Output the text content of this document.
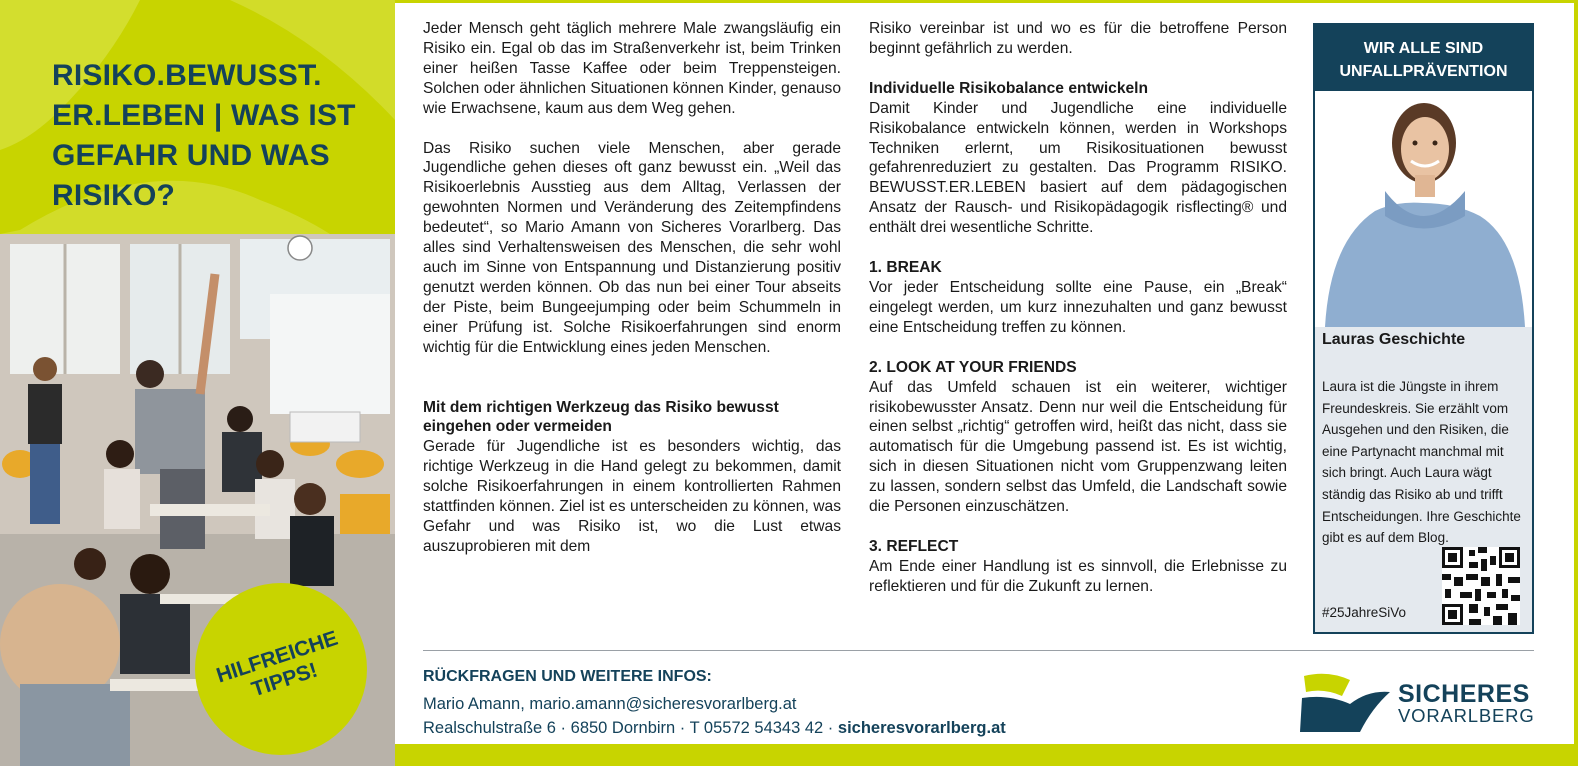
RISIKO.BEWUSST. ER.LEBEN | WAS IST GEFAHR UND WAS RISIKO?
HILFREICHE TIPPS!

Jeder Mensch geht täglich mehrere Male zwangsläufig ein Risiko ein. Egal ob das im Straßenverkehr ist, beim Trinken einer heißen Tasse Kaffee oder beim Treppensteigen. Solchen oder ähnlichen Situationen können Kinder, genauso wie Erwachsene, kaum aus dem Weg gehen.

Das Risiko suchen viele Menschen, aber gerade Jugendliche gehen dieses oft ganz bewusst ein. „Weil das Risikoerlebnis Ausstieg aus dem Alltag, Verlassen der gewohnten Normen und Veränderung des Zeitempfindens bedeutet“, so Mario Amann von Sicheres Vorarlberg. Das alles sind Verhaltensweisen des Menschen, die sehr wohl auch im Sinne von Entspannung und Distanzierung positiv genutzt werden können. Ob das nun bei einer Tour abseits der Piste, beim Bungeejumping oder beim Schummeln in einer Prüfung ist. Solche Risikoerfahrungen sind enorm wichtig für die Entwicklung eines jeden Menschen.

Mit dem richtigen Werkzeug das Risiko bewusst eingehen oder vermeiden

Gerade für Jugendliche ist es besonders wichtig, das richtige Werkzeug in die Hand gelegt zu bekommen, damit solche Risikoerfahrungen in einem kontrollierten Rahmen stattfinden können. Ziel ist es unterscheiden zu können, was Gefahr und was Risiko ist, wo die Lust etwas auszuprobieren mit dem

Risiko vereinbar ist und wo es für die betroffene Person beginnt gefährlich zu werden.

Individuelle Risikobalance entwickeln

Damit Kinder und Jugendliche eine individuelle Risikobalance entwickeln können, werden in Workshops Techniken erlernt, um Risikosituationen bewusst gefahrenreduziert zu gestalten. Das Programm RISIKO. BEWUSST.ER.LEBEN basiert auf dem pädagogischen Ansatz der Rausch- und Risikopädagogik risflecting® und enthält drei wesentliche Schritte.

1. BREAK

Vor jeder Entscheidung sollte eine Pause, ein „Break“ eingelegt werden, um kurz innezuhalten und ganz bewusst eine Entscheidung treffen zu können.

2. LOOK AT YOUR FRIENDS

Auf das Umfeld schauen ist ein weiterer, wichtiger risikobewusster Ansatz. Denn nur weil die Entscheidung für einen selbst „richtig“ getroffen wird, heißt das nicht, dass sie automatisch für die Umgebung passend ist. Es ist wichtig, sich in diesen Situationen nicht vom Gruppenzwang leiten zu lassen, sondern selbst das Umfeld, die Landschaft sowie die Personen einzuschätzen.

3. REFLECT

Am Ende einer Handlung ist es sinnvoll, die Erlebnisse zu reflektieren und für die Zukunft zu lernen.

WIR ALLE SIND UNFALLPRÄVENTION
Lauras Geschichte
Laura ist die Jüngste in ihrem Freundeskreis. Sie erzählt vom Ausgehen und den Risiken, die eine Partynacht manchmal mit sich bringt. Auch Laura wägt ständig das Risiko ab und trifft Entscheidungen. Ihre Geschichte gibt es auf dem Blog.
#25JahreSiVo
RÜCKFRAGEN UND WEITERE INFOS:
Mario Amann, mario.amann@sicheresvorarlberg.at
Realschulstraße 6 · 6850 Dornbirn · T 05572 54343 42 · sicheresvorarlberg.at
SICHERES
VORARLBERG
